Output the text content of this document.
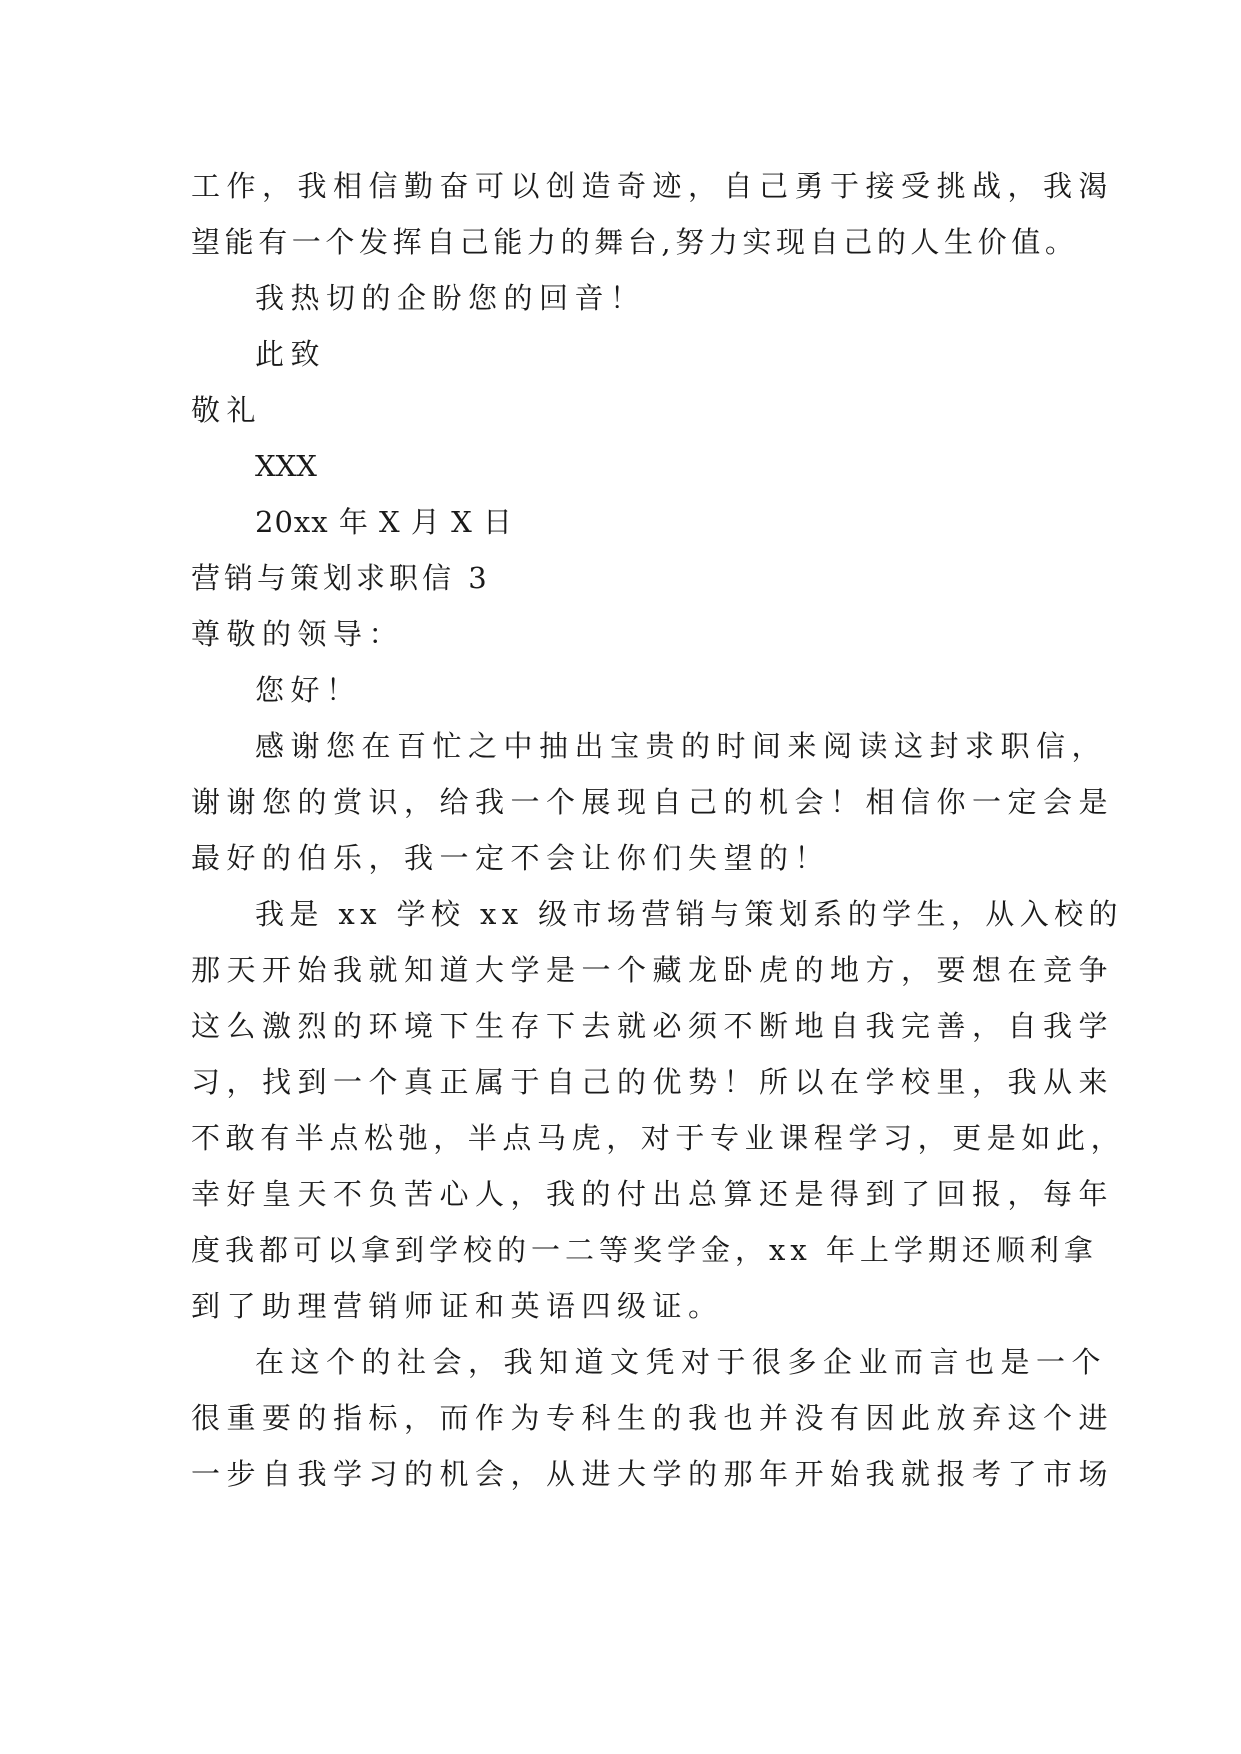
工作，我相信勤奋可以创造奇迹，自己勇于接受挑战，我渴
望能有一个发挥自己能力的舞台,努力实现自己的人生价值。
我热切的企盼您的回音！
此致
敬礼
XXX
20xx 年 X 月 X 日
营销与策划求职信 3
尊敬的领导：
您好！
感谢您在百忙之中抽出宝贵的时间来阅读这封求职信，
谢谢您的赏识，给我一个展现自己的机会！相信你一定会是
最好的伯乐，我一定不会让你们失望的！
我是 xx 学校 xx 级市场营销与策划系的学生，从入校的
那天开始我就知道大学是一个藏龙卧虎的地方，要想在竞争
这么激烈的环境下生存下去就必须不断地自我完善，自我学
习，找到一个真正属于自己的优势！所以在学校里，我从来
不敢有半点松弛，半点马虎，对于专业课程学习，更是如此，
幸好皇天不负苦心人，我的付出总算还是得到了回报，每年
度我都可以拿到学校的一二等奖学金，xx 年上学期还顺利拿
到了助理营销师证和英语四级证。
在这个的社会，我知道文凭对于很多企业而言也是一个
很重要的指标，而作为专科生的我也并没有因此放弃这个进
一步自我学习的机会，从进大学的那年开始我就报考了市场
